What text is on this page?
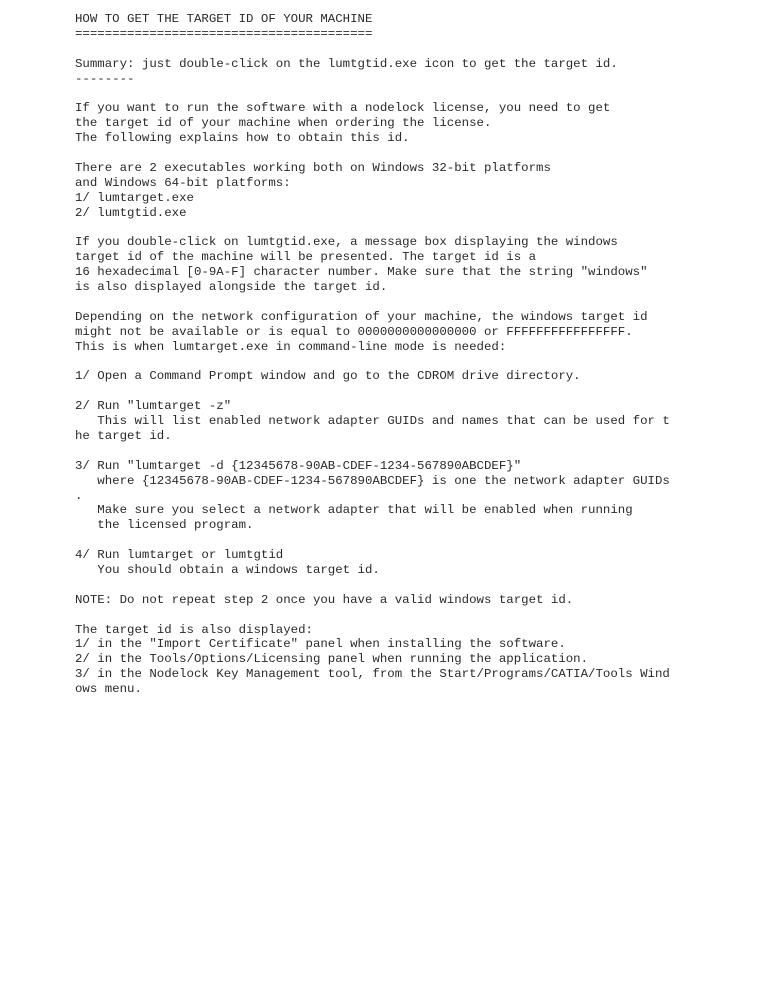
HOW TO GET THE TARGET ID OF YOUR MACHINE
========================================
Summary: just double-click on the lumtgtid.exe icon to get the target id.
--------
If you want to run the software with a nodelock license, you need to get
the target id of your machine when ordering the license.
The following explains how to obtain this id.
There are 2 executables working both on Windows 32-bit platforms
and Windows 64-bit platforms:
1/ lumtarget.exe
2/ lumtgtid.exe
If you double-click on lumtgtid.exe, a message box displaying the windows
target id of the machine will be presented. The target id is a
16 hexadecimal [0-9A-F] character number. Make sure that the string "windows"
is also displayed alongside the target id.
Depending on the network configuration of your machine, the windows target id
might not be available or is equal to 0000000000000000 or FFFFFFFFFFFFFFFF.
This is when lumtarget.exe in command-line mode is needed:
1/ Open a Command Prompt window and go to the CDROM drive directory.
2/ Run "lumtarget -z"
This will list enabled network adapter GUIDs and names that can be used for t
he target id.
3/ Run "lumtarget -d {12345678-90AB-CDEF-1234-567890ABCDEF}"
where {12345678-90AB-CDEF-1234-567890ABCDEF} is one the network adapter GUIDs
.
Make sure you select a network adapter that will be enabled when running
the licensed program.
4/ Run lumtarget or lumtgtid
You should obtain a windows target id.
NOTE: Do not repeat step 2 once you have a valid windows target id.
The target id is also displayed:
1/ in the "Import Certificate" panel when installing the software.
2/ in the Tools/Options/Licensing panel when running the application.
3/ in the Nodelock Key Management tool, from the Start/Programs/CATIA/Tools Wind
ows menu.
